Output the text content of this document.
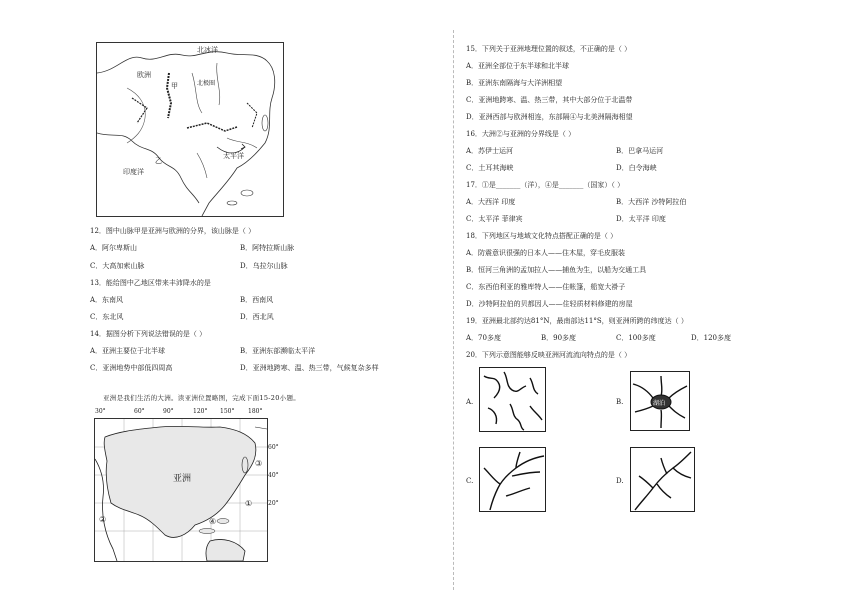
北冰洋
欧洲
甲	北极圈
乙
太平洋
印度洋
12．图中山脉甲是亚洲与欧洲的分界，该山脉是（ ）
A．阿尔卑斯山	B．阿特拉斯山脉
C．大高加索山脉	D．乌拉尔山脉
13．能给图中乙地区带来丰沛降水的是
A．东南风	B．西南风
C．东北风	D．西北风
14．据图分析下列说法错误的是（ ）
A．亚洲主要位于北半球	B．亚洲东部濒临太平洋
C．亚洲地势中部低四周高	D．亚洲地跨寒、温、热三带，气候复杂多样
亚洲是我们生活的大洲。读亚洲位置略图，完成下面15-20小题。
30°	60°	90°	120° 150° 180°
亚洲
①
②
③
④
60°
40°
20°
15．下列关于亚洲地理位置的叙述，不正确的是（ ）
A．亚洲全部位于东半球和北半球
B．亚洲东南隔海与大洋洲相望
C．亚洲地跨寒、温、热三带，其中大部分位于北温带
D．亚洲西部与欧洲相连，东部隔④与北美洲隔海相望
16．大洲②与亚洲的分界线是（ ）
A．苏伊士运河	B．巴拿马运河
C．土耳其海峡	D．白令海峡
17．①是_______（洋），④是_______（国家）（ ）
A．大西洋 印度	B．大西洋 沙特阿拉伯
C．太平洋 菲律宾	D．太平洋 印度
18．下列地区与地域文化特点搭配正确的是（ ）
A．防震意识很强的日本人——住木屋，穿毛皮服装
B．恒河三角洲的孟加拉人——捕鱼为生，以船为交通工具
C．东西伯利亚的雅库特人——住帐篷，船宽大褂子
D．沙特阿拉伯的贝都因人——住轻质材料修建的房屋
19．亚洲最北部约达81°N，最南部达11°S，则亚洲所跨的纬度达（ ）
A．70多度	B．90多度	C．100多度	D．120多度
20．下列示意图能够反映亚洲河流流向特点的是（ ）
A.	B.	湖泊
C.	D.
